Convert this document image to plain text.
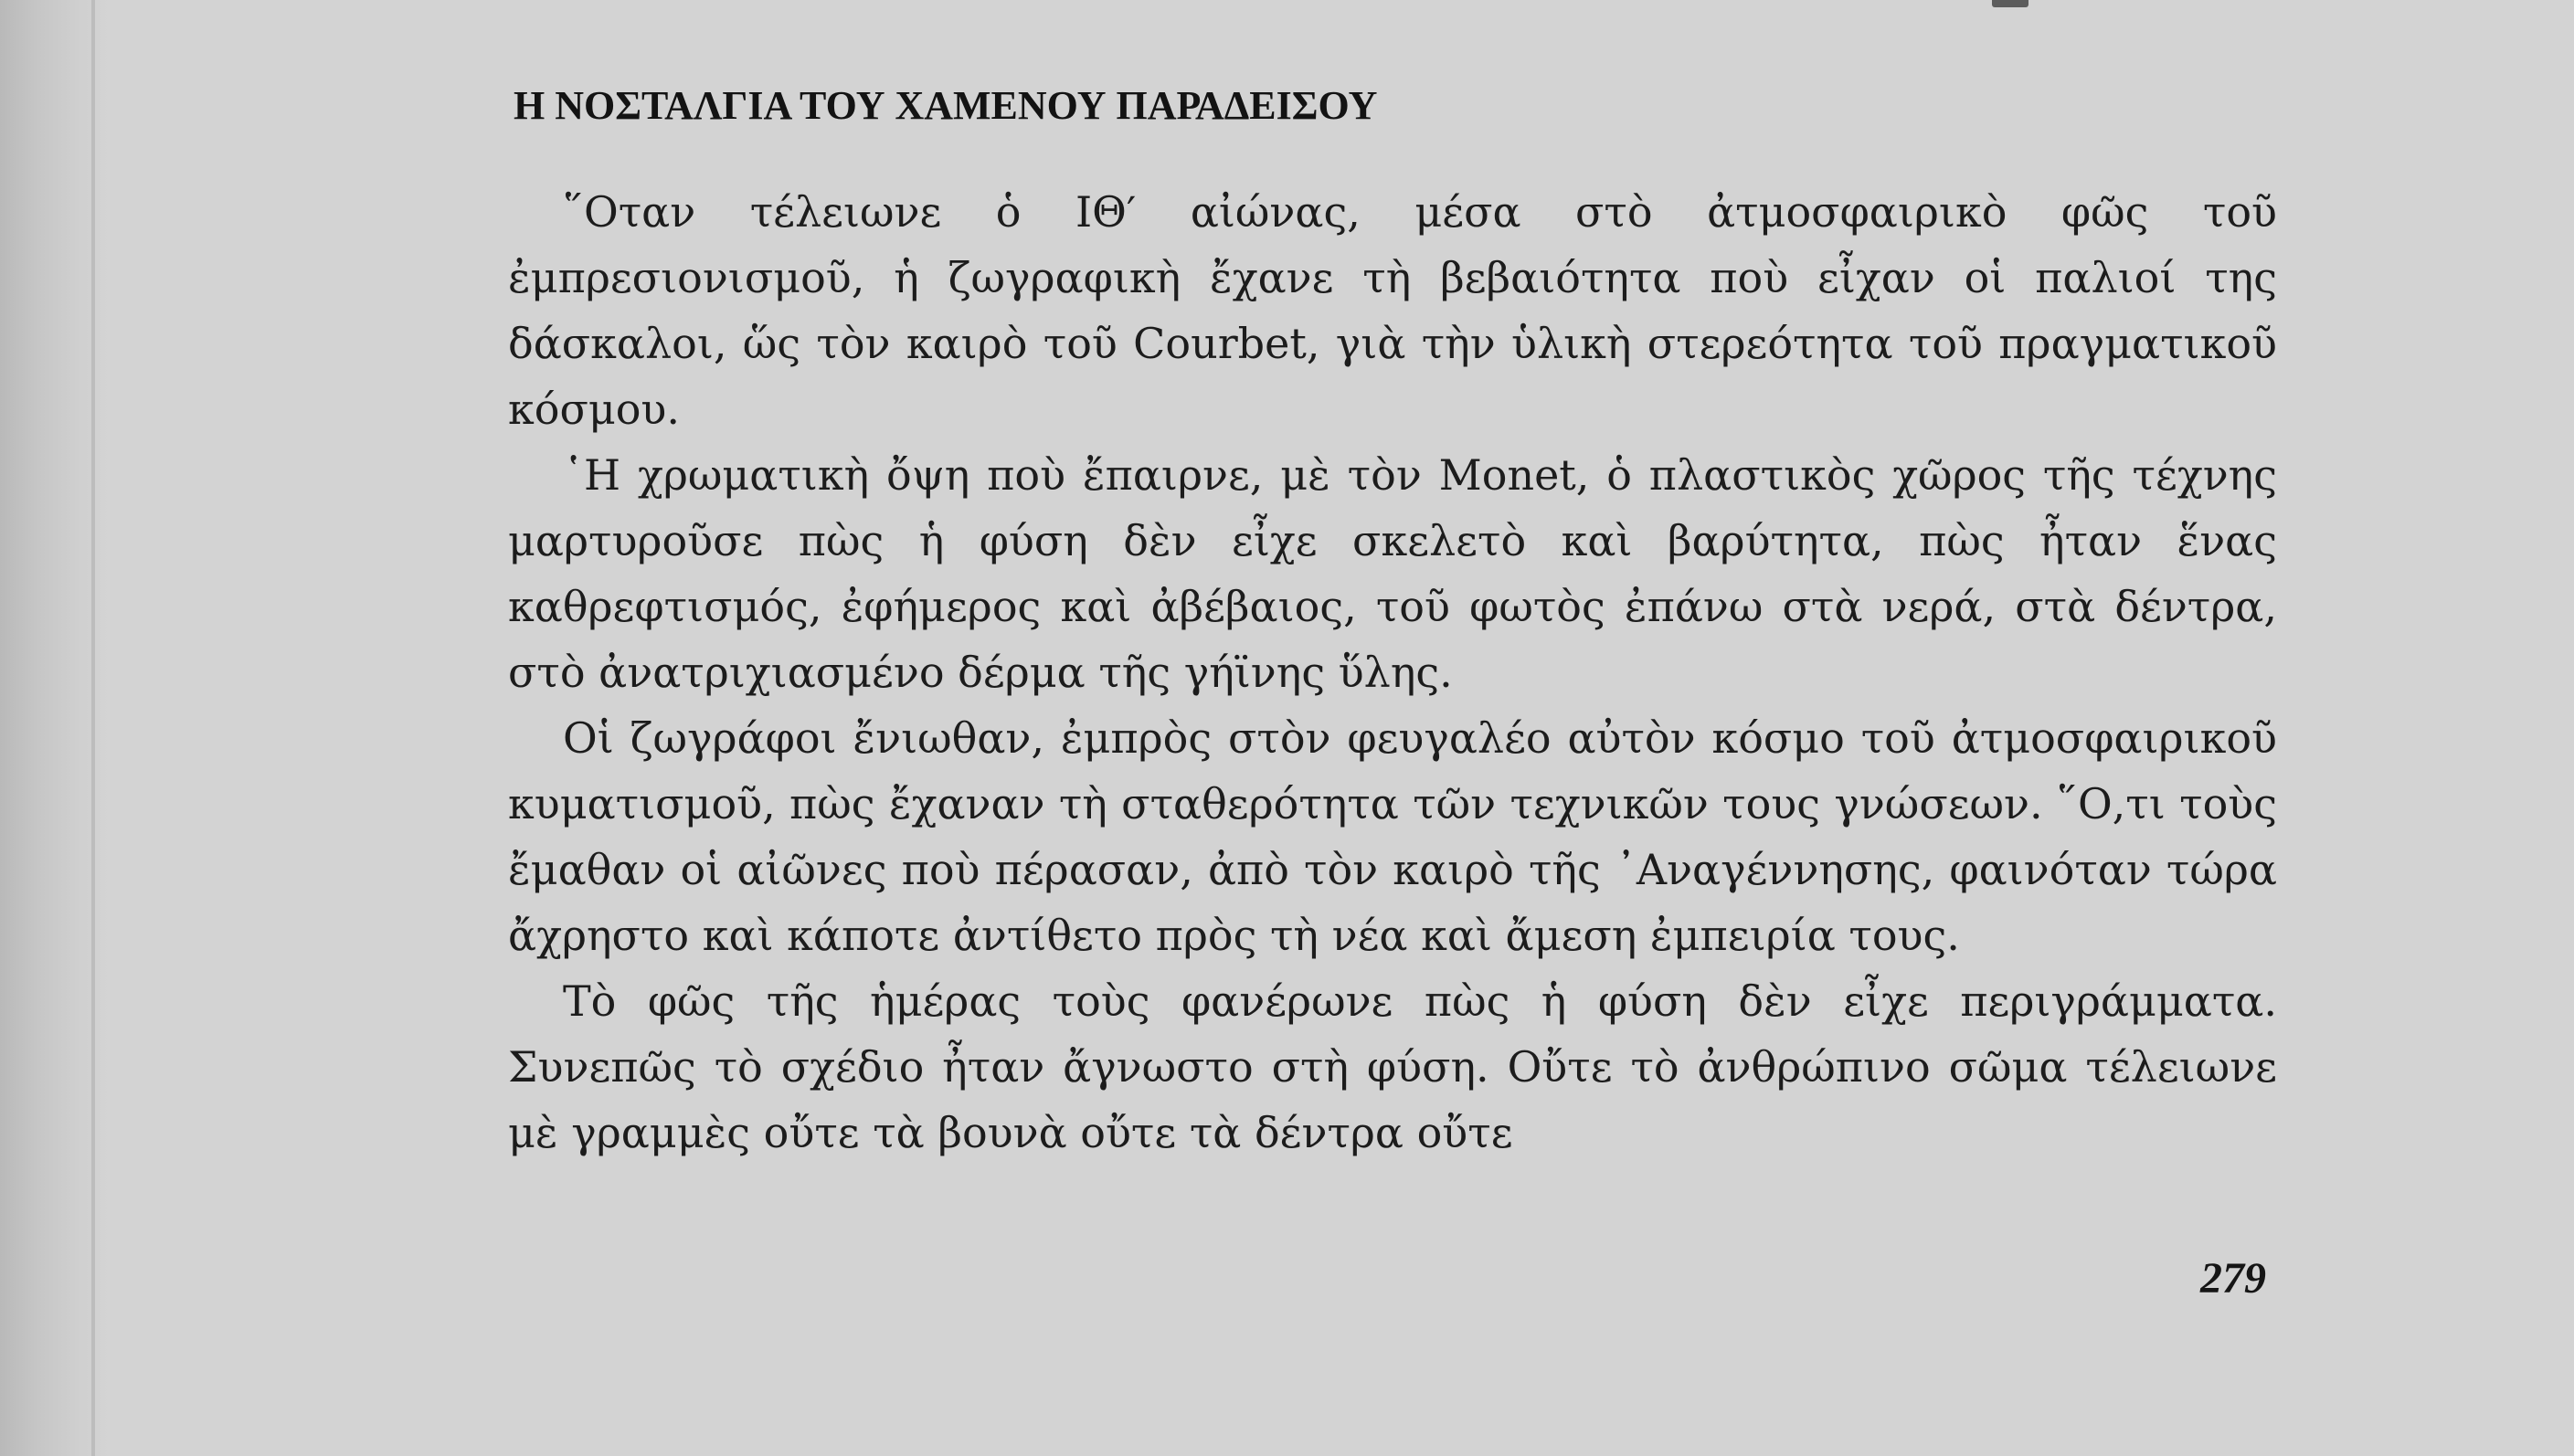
Η ΝΟΣΤΑΛΓΙΑ ΤΟΥ ΧΑΜΕΝΟΥ ΠΑΡΑΔΕΙΣΟΥ

῞Οταν τέλειωνε ὁ ΙΘ′ αἰώνας, μέσα στὸ ἀτμοσφαιρικὸ φῶς τοῦ ἐμπρεσιονισμοῦ, ἡ ζωγραφικὴ ἔχανε τὴ βεβαιότητα ποὺ εἶχαν οἱ παλιοί της δάσκαλοι, ὥς τὸν καιρὸ τοῦ Courbet, γιὰ τὴν ὑλικὴ στερεότητα τοῦ πραγματικοῦ κόσμου.

῾Η χρωματικὴ ὄψη ποὺ ἔπαιρνε, μὲ τὸν Monet, ὁ πλαστικὸς χῶρος τῆς τέχνης μαρτυροῦσε πὼς ἡ φύση δὲν εἶχε σκελετὸ καὶ βαρύτητα, πὼς ἦταν ἕνας καθρεφτισμός, ἐφήμερος καὶ ἀβέβαιος, τοῦ φωτὸς ἐπάνω στὰ νερά, στὰ δέντρα, στὸ ἀνατριχιασμένο δέρμα τῆς γήϊνης ὕλης.

Οἱ ζωγράφοι ἔνιωθαν, ἐμπρὸς στὸν φευγαλέο αὐτὸν κόσμο τοῦ ἀτμοσφαιρικοῦ κυματισμοῦ, πὼς ἔχαναν τὴ σταθερότητα τῶν τεχνικῶν τους γνώσεων. ῞Ο,τι τοὺς ἔμαθαν οἱ αἰῶνες ποὺ πέρασαν, ἀπὸ τὸν καιρὸ τῆς ᾿Αναγέννησης, φαινόταν τώρα ἄχρηστο καὶ κάποτε ἀντίθετο πρὸς τὴ νέα καὶ ἄμεση ἐμπειρία τους.

Τὸ φῶς τῆς ἡμέρας τοὺς φανέρωνε πὼς ἡ φύση δὲν εἶχε περιγράμματα. Συνεπῶς τὸ σχέδιο ἦταν ἄγνωστο στὴ φύση. Οὔτε τὸ ἀνθρώπινο σῶμα τέλειωνε μὲ γραμμὲς οὔτε τὰ βουνὰ οὔτε τὰ δέντρα οὔτε

279
